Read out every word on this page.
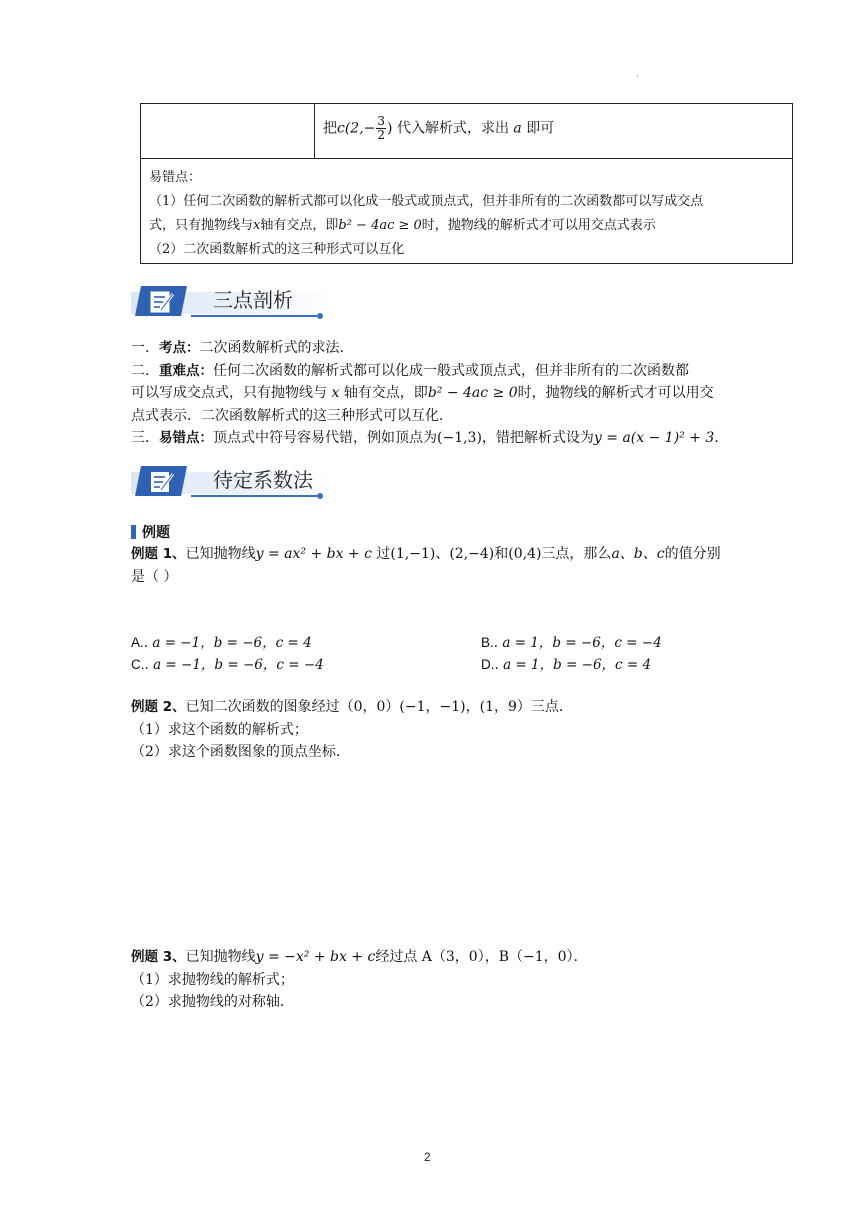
·
把$c(2,- \frac{3}{2}$ ) 代入解析式，求出 a 即可
易错点：
（1）任何二次函数的解析式都可以化成一般式或顶点式，但并非所有的二次函数都可以写成交点
式，只有抛物线与x轴有交点，即b² − 4ac ≥ 0时，抛物线的解析式才可以用交点式表示
（2）二次函数解析式的这三种形式可以互化
三点剖析
一．考点：二次函数解析式的求法．
二．重难点：任何二次函数的解析式都可以化成一般式或顶点式，但并非所有的二次函数都
可以写成交点式，只有抛物线与 x 轴有交点，即b² − 4ac ≥ 0时，抛物线的解析式才可以用交
点式表示．二次函数解析式的这三种形式可以互化．
三．易错点：顶点式中符号容易代错，例如顶点为(−1,3)，错把解析式设为y = a(x − 1)² + 3．
待定系数法
例题
例题 1、已知抛物线y = ax² + bx + c 过(1,−1)、(2,−4)和(0,4)三点，那么a、b、c的值分别
是（ ）
A.. a = −1，b = −6，c = 4	B.. a = 1，b = −6，c = −4
C.. a = −1，b = −6，c = −4	D.. a = 1，b = −6，c = 4
例题 2、已知二次函数的图象经过（0，0）(−1，−1)，(1，9）三点．
（1）求这个函数的解析式；
（2）求这个函数图象的顶点坐标．
例题 3、已知抛物线y = −x² + bx + c经过点 A（3，0），B（−1，0）．
（1）求抛物线的解析式；
（2）求抛物线的对称轴．
2
